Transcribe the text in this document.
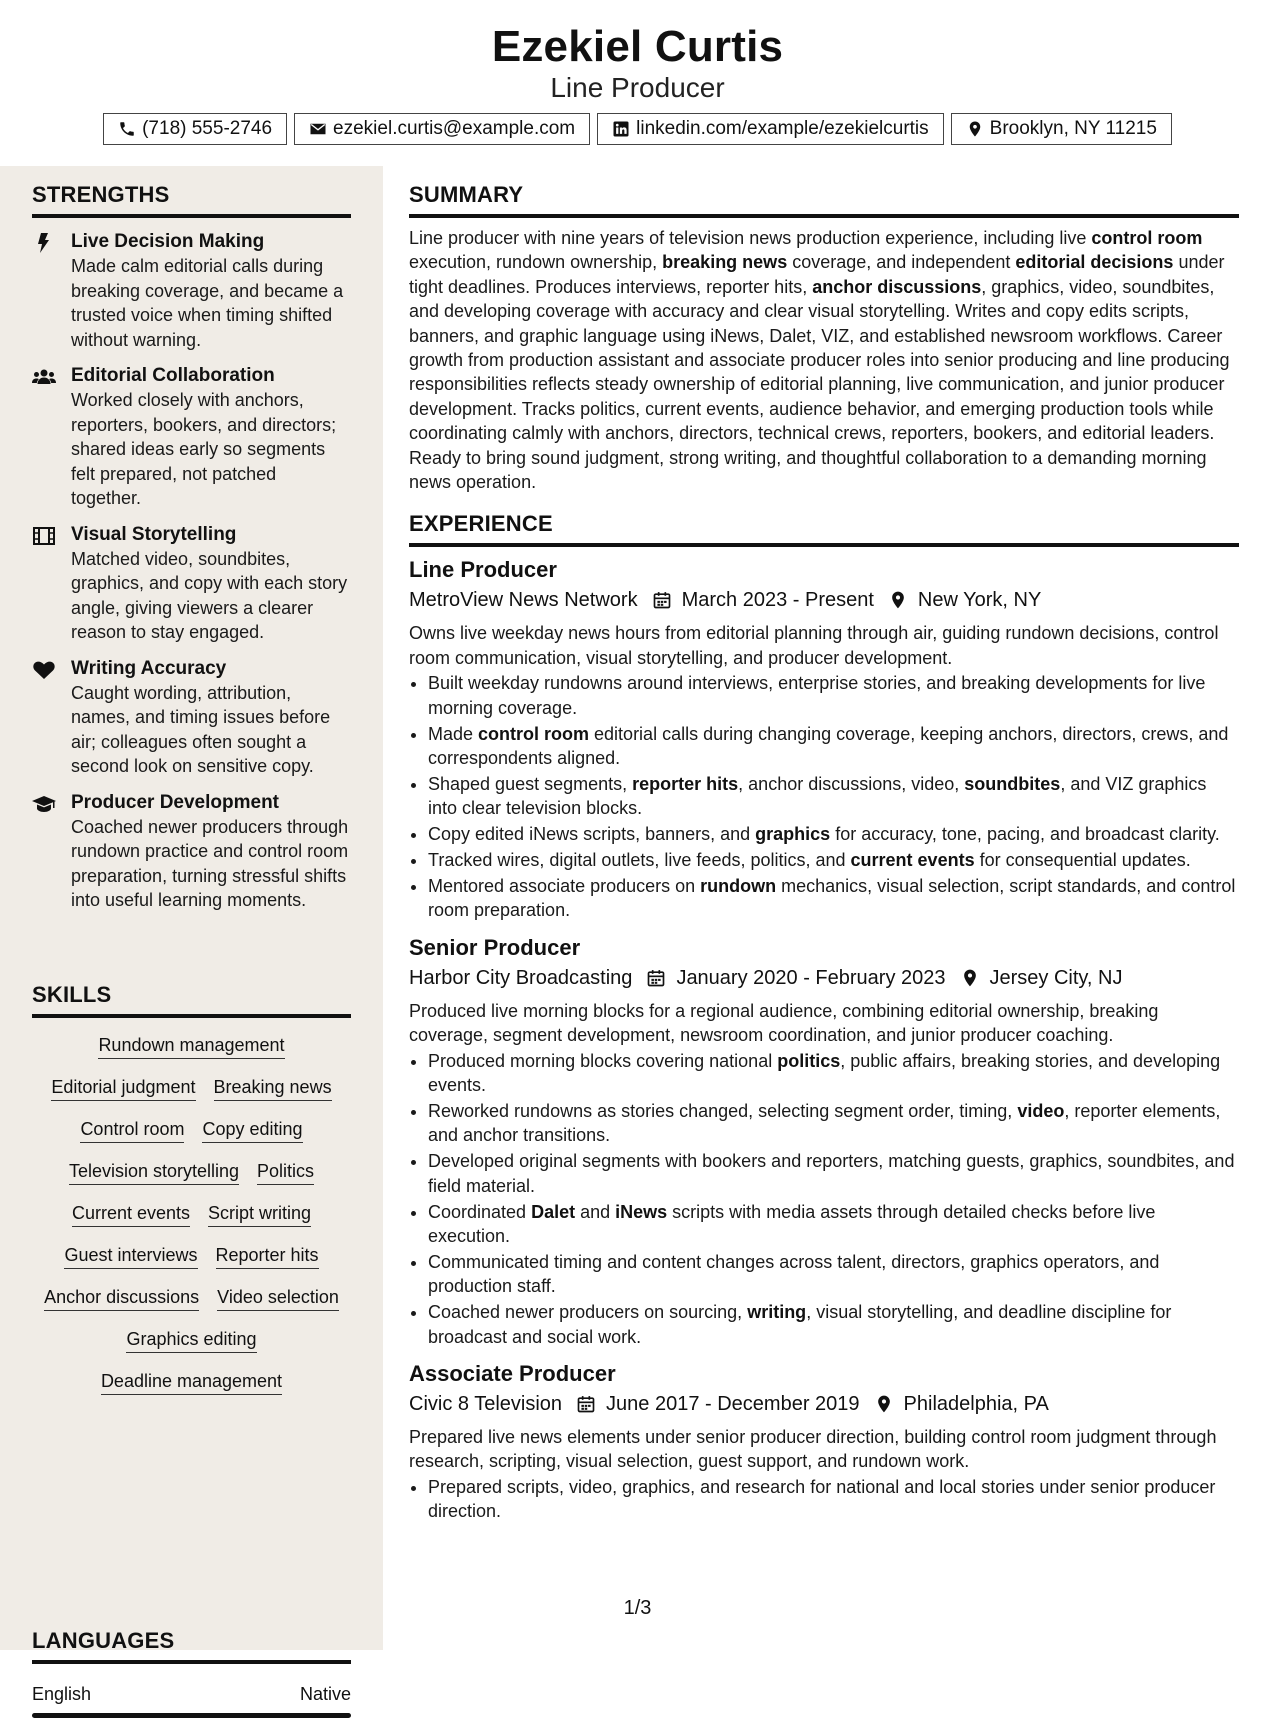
Ezekiel Curtis
Line Producer
(718) 555-2746	ezekiel.curtis@example.com	linkedin.com/example/ezekielcurtis	Brooklyn, NY 11215
STRENGTHS
Live Decision Making
Made calm editorial calls during breaking coverage, and became a trusted voice when timing shifted without warning.
Editorial Collaboration
Worked closely with anchors, reporters, bookers, and directors; shared ideas early so segments felt prepared, not patched together.
Visual Storytelling
Matched video, soundbites, graphics, and copy with each story angle, giving viewers a clearer reason to stay engaged.
Writing Accuracy
Caught wording, attribution, names, and timing issues before air; colleagues often sought a second look on sensitive copy.
Producer Development
Coached newer producers through rundown practice and control room preparation, turning stressful shifts into useful learning moments.
SKILLS
Rundown management
Editorial judgment Breaking news
Control room Copy editing
Television storytelling Politics
Current events Script writing
Guest interviews Reporter hits
Anchor discussions Video selection
Graphics editing
Deadline management
LANGUAGES
English	Native
SUMMARY
Line producer with nine years of television news production experience, including live control room execution, rundown ownership, breaking news coverage, and independent editorial decisions under tight deadlines. Produces interviews, reporter hits, anchor discussions, graphics, video, soundbites, and developing coverage with accuracy and clear visual storytelling. Writes and copy edits scripts, banners, and graphic language using iNews, Dalet, VIZ, and established newsroom workflows. Career growth from production assistant and associate producer roles into senior producing and line producing responsibilities reflects steady ownership of editorial planning, live communication, and junior producer development. Tracks politics, current events, audience behavior, and emerging production tools while coordinating calmly with anchors, directors, technical crews, reporters, bookers, and editorial leaders. Ready to bring sound judgment, strong writing, and thoughtful collaboration to a demanding morning news operation.
EXPERIENCE
Line Producer
MetroView News Network March 2023 - Present New York, NY
Owns live weekday news hours from editorial planning through air, guiding rundown decisions, control room communication, visual storytelling, and producer development.
• Built weekday rundowns around interviews, enterprise stories, and breaking developments for live morning coverage.
• Made control room editorial calls during changing coverage, keeping anchors, directors, crews, and correspondents aligned.
• Shaped guest segments, reporter hits, anchor discussions, video, soundbites, and VIZ graphics into clear television blocks.
• Copy edited iNews scripts, banners, and graphics for accuracy, tone, pacing, and broadcast clarity.
• Tracked wires, digital outlets, live feeds, politics, and current events for consequential updates.
• Mentored associate producers on rundown mechanics, visual selection, script standards, and control room preparation.
Senior Producer
Harbor City Broadcasting January 2020 - February 2023 Jersey City, NJ
Produced live morning blocks for a regional audience, combining editorial ownership, breaking coverage, segment development, newsroom coordination, and junior producer coaching.
• Produced morning blocks covering national politics, public affairs, breaking stories, and developing events.
• Reworked rundowns as stories changed, selecting segment order, timing, video, reporter elements, and anchor transitions.
• Developed original segments with bookers and reporters, matching guests, graphics, soundbites, and field material.
• Coordinated Dalet and iNews scripts with media assets through detailed checks before live execution.
• Communicated timing and content changes across talent, directors, graphics operators, and production staff.
• Coached newer producers on sourcing, writing, visual storytelling, and deadline discipline for broadcast and social work.
Associate Producer
Civic 8 Television June 2017 - December 2019 Philadelphia, PA
Prepared live news elements under senior producer direction, building control room judgment through research, scripting, visual selection, guest support, and rundown work.
• Prepared scripts, video, graphics, and research for national and local stories under senior producer direction.
1/3
